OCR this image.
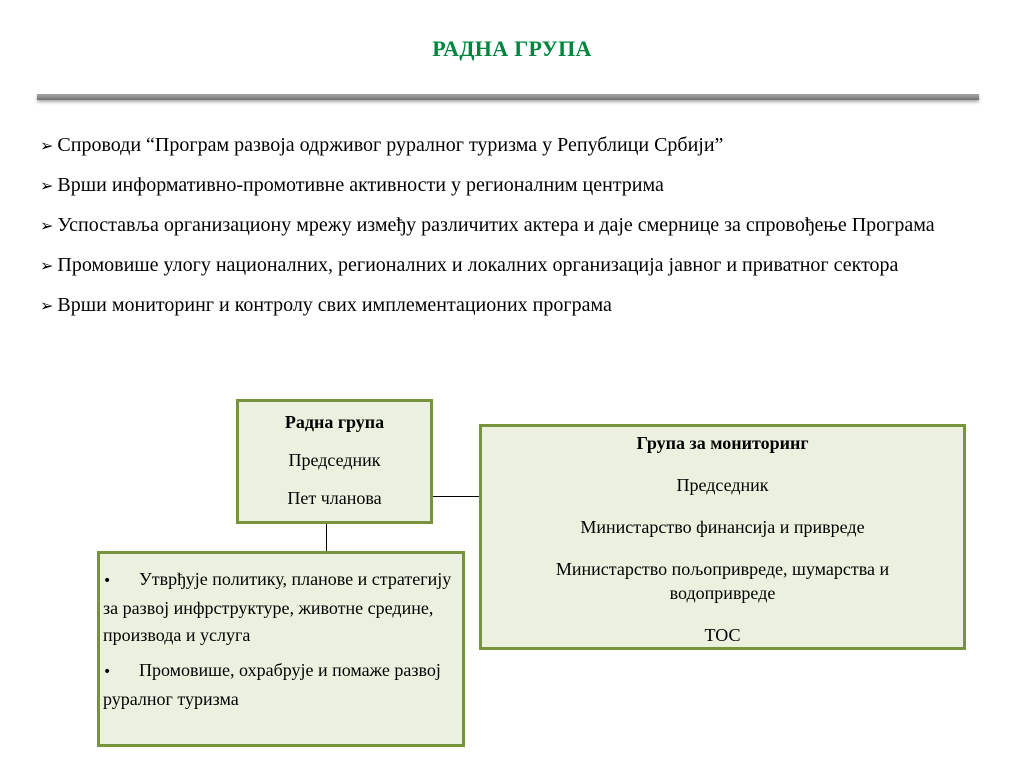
РАДНА ГРУПА
➢ Спроводи “Програм развоја одрживог руралног туризма у Републици Србији”
➢ Врши информативно-промотивне активности у регионалним центрима
➢ Успоставља организациону мрежу између различитих актера и даје смернице за спровођење Програма
➢ Промовише улогу националних, регионалних и локалних организација јавног и приватног сектора
➢ Врши мониторинг и контролу свих имплементационих програма
Радна група
Председник
Пет чланова
Група за мониторинг
Председник
Министарство финансија и привреде
Министарство пољопривреде, шумарства и водопривреде
ТОС
• Утврђује политику, планове и стратегију за развој инфрструктуре, животне средине, производа и услуга
• Промовише, охрабрује и помаже развој руралног туризма
